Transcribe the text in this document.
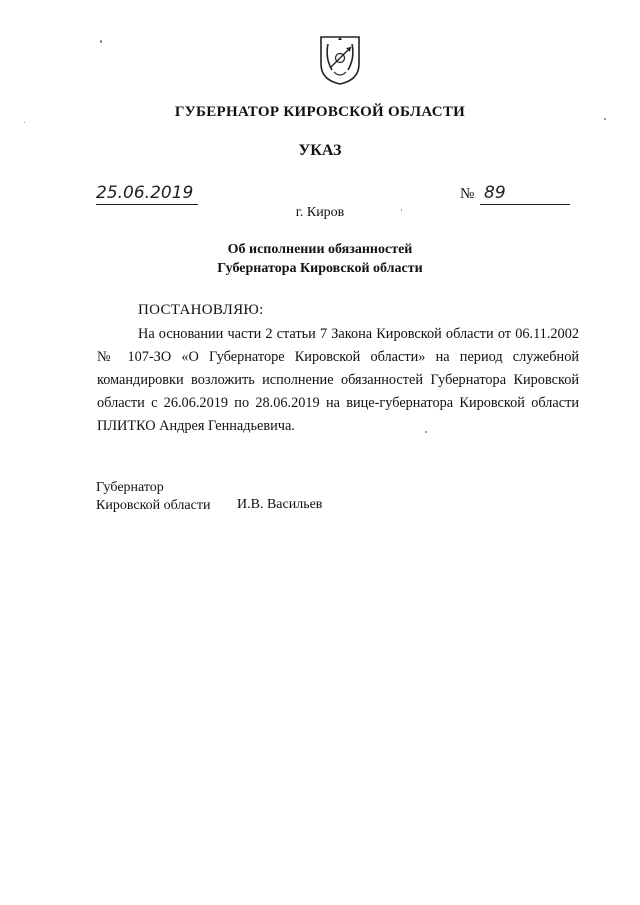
ГУБЕРНАТОР КИРОВСКОЙ ОБЛАСТИ
УКАЗ
25.06.2019	№ 89
г. Киров
Об исполнении обязанностей
Губернатора Кировской области
ПОСТАНОВЛЯЮ:
На основании части 2 статьи 7 Закона Кировской области от 06.11.2002 № 107-ЗО «О Губернаторе Кировской области» на период служебной командировки возложить исполнение обязанностей Губернатора Кировской области с 26.06.2019 по 28.06.2019 на вице-губернатора Кировской области ПЛИТКО Андрея Геннадьевича.
Губернатор
Кировской области И.В. Васильев
